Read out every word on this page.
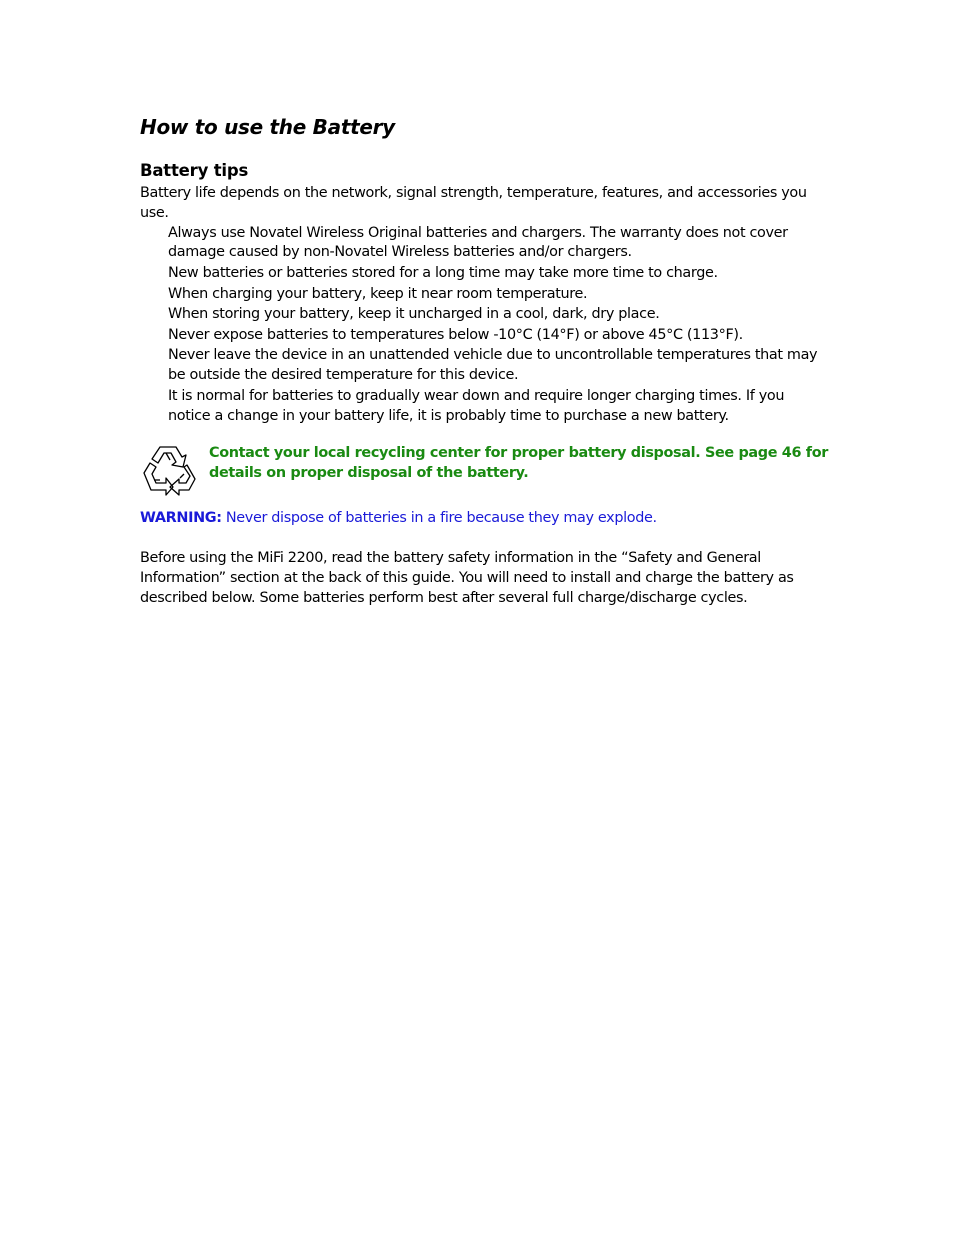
How to use the Battery
Battery tips

Battery life depends on the network, signal strength, temperature, features, and accessories you use.

Always use Novatel Wireless Original batteries and chargers. The warranty does not cover damage caused by non-Novatel Wireless batteries and/or chargers.
New batteries or batteries stored for a long time may take more time to charge.
When charging your battery, keep it near room temperature.
When storing your battery, keep it uncharged in a cool, dark, dry place.
Never expose batteries to temperatures below -10°C (14°F) or above 45°C (113°F).
Never leave the device in an unattended vehicle due to uncontrollable temperatures that may be outside the desired temperature for this device.
It is normal for batteries to gradually wear down and require longer charging times. If you notice a change in your battery life, it is probably time to purchase a new battery.

Contact your local recycling center for proper battery disposal. See page 46 for details on proper disposal of the battery.

WARNING: Never dispose of batteries in a fire because they may explode.

Before using the MiFi 2200, read the battery safety information in the “Safety and General Information” section at the back of this guide. You will need to install and charge the battery as described below. Some batteries perform best after several full charge/discharge cycles.
